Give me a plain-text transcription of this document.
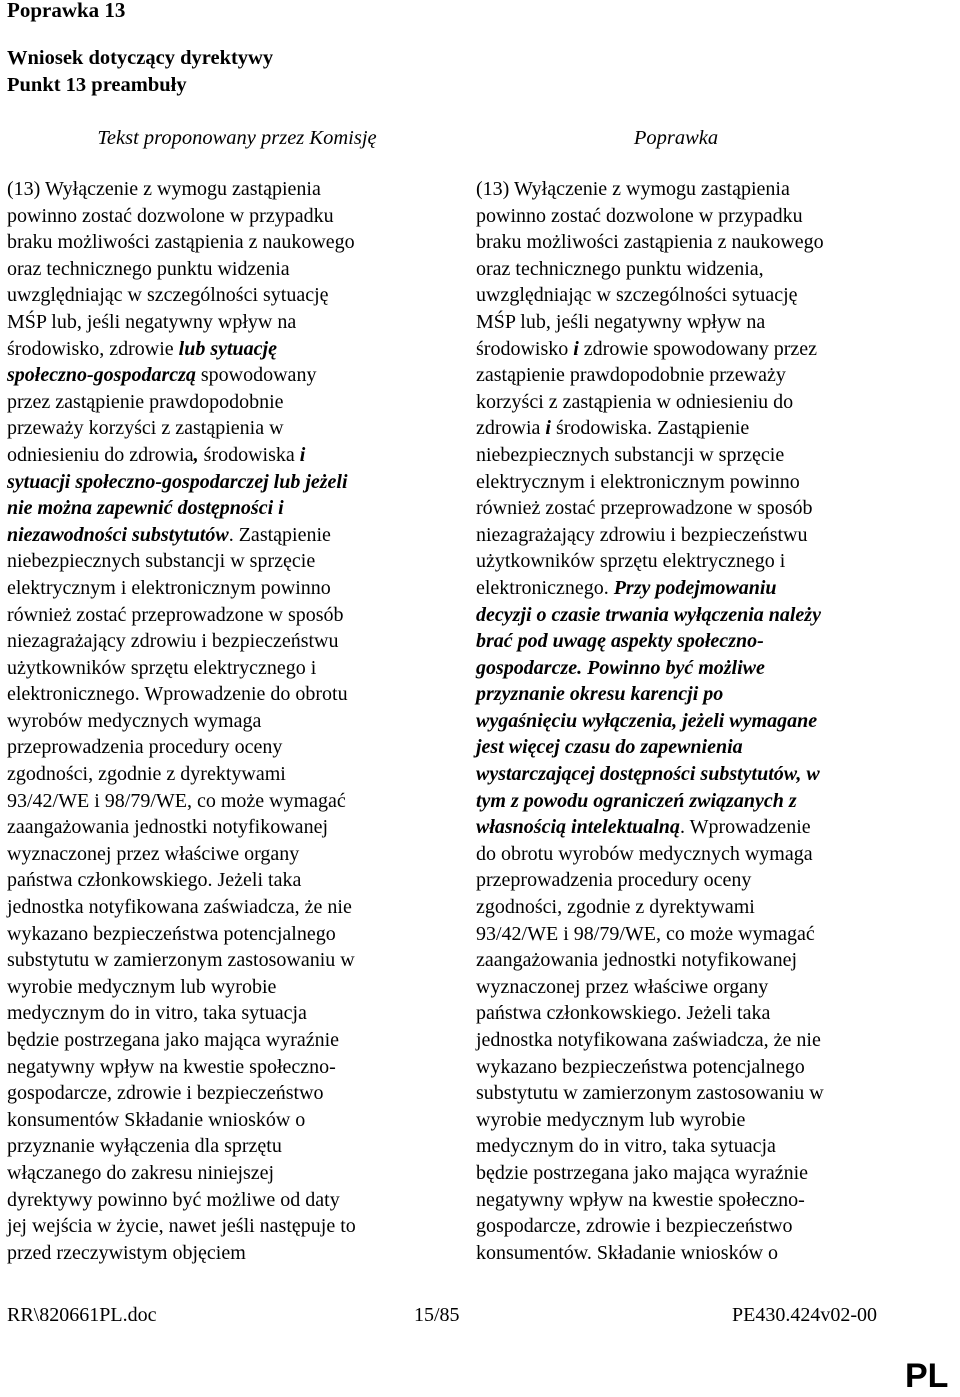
Poprawka 13
Wniosek dotyczący dyrektywy
Punkt 13 preambuły
Tekst proponowany przez Komisję	Poprawka
(13) Wyłączenie z wymogu zastąpienia
powinno zostać dozwolone w przypadku
braku możliwości zastąpienia z naukowego
oraz technicznego punktu widzenia
uwzględniając w szczególności sytuację
MŚP lub, jeśli negatywny wpływ na
środowisko, zdrowie lub sytuację
społeczno-gospodarczą spowodowany
przez zastąpienie prawdopodobnie
przeważy korzyści z zastąpienia w
odniesieniu do zdrowia, środowiska i
sytuacji społeczno-gospodarczej lub jeżeli
nie można zapewnić dostępności i
niezawodności substytutów. Zastąpienie
niebezpiecznych substancji w sprzęcie
elektrycznym i elektronicznym powinno
również zostać przeprowadzone w sposób
niezagrażający zdrowiu i bezpieczeństwu
użytkowników sprzętu elektrycznego i
elektronicznego. Wprowadzenie do obrotu
wyrobów medycznych wymaga
przeprowadzenia procedury oceny
zgodności, zgodnie z dyrektywami
93/42/WE i 98/79/WE, co może wymagać
zaangażowania jednostki notyfikowanej
wyznaczonej przez właściwe organy
państwa członkowskiego. Jeżeli taka
jednostka notyfikowana zaświadcza, że nie
wykazano bezpieczeństwa potencjalnego
substytutu w zamierzonym zastosowaniu w
wyrobie medycznym lub wyrobie
medycznym do in vitro, taka sytuacja
będzie postrzegana jako mająca wyraźnie
negatywny wpływ na kwestie społeczno-
gospodarcze, zdrowie i bezpieczeństwo
konsumentów Składanie wniosków o
przyznanie wyłączenia dla sprzętu
włączanego do zakresu niniejszej
dyrektywy powinno być możliwe od daty
jej wejścia w życie, nawet jeśli następuje to
przed rzeczywistym objęciem
(13) Wyłączenie z wymogu zastąpienia
powinno zostać dozwolone w przypadku
braku możliwości zastąpienia z naukowego
oraz technicznego punktu widzenia,
uwzględniając w szczególności sytuację
MŚP lub, jeśli negatywny wpływ na
środowisko i zdrowie spowodowany przez
zastąpienie prawdopodobnie przeważy
korzyści z zastąpienia w odniesieniu do
zdrowia i środowiska. Zastąpienie
niebezpiecznych substancji w sprzęcie
elektrycznym i elektronicznym powinno
również zostać przeprowadzone w sposób
niezagrażający zdrowiu i bezpieczeństwu
użytkowników sprzętu elektrycznego i
elektronicznego. Przy podejmowaniu
decyzji o czasie trwania wyłączenia należy
brać pod uwagę aspekty społeczno-
gospodarcze. Powinno być możliwe
przyznanie okresu karencji po
wygaśnięciu wyłączenia, jeżeli wymagane
jest więcej czasu do zapewnienia
wystarczającej dostępności substytutów, w
tym z powodu ograniczeń związanych z
własnością intelektualną. Wprowadzenie
do obrotu wyrobów medycznych wymaga
przeprowadzenia procedury oceny
zgodności, zgodnie z dyrektywami
93/42/WE i 98/79/WE, co może wymagać
zaangażowania jednostki notyfikowanej
wyznaczonej przez właściwe organy
państwa członkowskiego. Jeżeli taka
jednostka notyfikowana zaświadcza, że nie
wykazano bezpieczeństwa potencjalnego
substytutu w zamierzonym zastosowaniu w
wyrobie medycznym lub wyrobie
medycznym do in vitro, taka sytuacja
będzie postrzegana jako mająca wyraźnie
negatywny wpływ na kwestie społeczno-
gospodarcze, zdrowie i bezpieczeństwo
konsumentów. Składanie wniosków o
RR\820661PL.doc	15/85	PE430.424v02-00
PL
